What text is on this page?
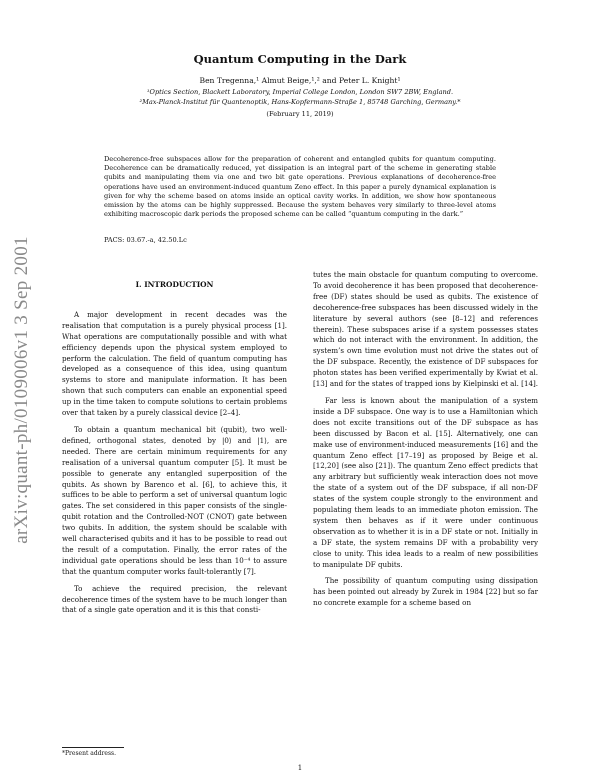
arXiv:quant-ph/0109006v1 3 Sep 2001
Quantum Computing in the Dark
Ben Tregenna,¹ Almut Beige,¹,² and Peter L. Knight¹
¹Optics Section, Blackett Laboratory, Imperial College London, London SW7 2BW, England.
²Max-Planck-Institut für Quantenoptik, Hans-Kopfermann-Straße 1, 85748 Garching, Germany.*
(February 11, 2019)

Decoherence-free subspaces allow for the preparation of coherent and entangled qubits for quantum computing. Decoherence can be dramatically reduced, yet dissipation is an integral part of the scheme in generating stable qubits and manipulating them via one and two bit gate operations. Previous explanations of decoherence-free operations have used an environment-induced quantum Zeno effect. In this paper a purely dynamical explanation is given for why the scheme based on atoms inside an optical cavity works. In addition, we show how spontaneous emission by the atoms can be highly suppressed. Because the system behaves very similarly to three-level atoms exhibiting macroscopic dark periods the proposed scheme can be called “quantum computing in the dark.”

PACS: 03.67.-a, 42.50.Lc
I. INTRODUCTION

A major development in recent decades was the realisation that computation is a purely physical process [1]. What operations are computationally possible and with what efficiency depends upon the physical system employed to perform the calculation. The field of quantum computing has developed as a consequence of this idea, using quantum systems to store and manipulate information. It has been shown that such computers can enable an exponential speed up in the time taken to compute solutions to certain problems over that taken by a purely classical device [2–4].

To obtain a quantum mechanical bit (qubit), two well-defined, orthogonal states, denoted by |0⟩ and |1⟩, are needed. There are certain minimum requirements for any realisation of a universal quantum computer [5]. It must be possible to generate any entangled superposition of the qubits. As shown by Barenco et al. [6], to achieve this, it suffices to be able to perform a set of universal quantum logic gates. The set considered in this paper consists of the single-qubit rotation and the Controlled-NOT (CNOT) gate between two qubits. In addition, the system should be scalable with well characterised qubits and it has to be possible to read out the result of a computation. Finally, the error rates of the individual gate operations should be less than 10⁻⁴ to assure that the quantum computer works fault-tolerantly [7].

To achieve the required precision, the relevant decoherence times of the system have to be much longer than that of a single gate operation and it is this that consti-

tutes the main obstacle for quantum computing to overcome. To avoid decoherence it has been proposed that decoherence-free (DF) states should be used as qubits. The existence of decoherence-free subspaces has been discussed widely in the literature by several authors (see [8–12] and references therein). These subspaces arise if a system possesses states which do not interact with the environment. In addition, the system’s own time evolution must not drive the states out of the DF subspace. Recently, the existence of DF subspaces for photon states has been verified experimentally by Kwiat et al. [13] and for the states of trapped ions by Kielpinski et al. [14].

Far less is known about the manipulation of a system inside a DF subspace. One way is to use a Hamiltonian which does not excite transitions out of the DF subspace as has been discussed by Bacon et al. [15]. Alternatively, one can make use of environment-induced measurements [16] and the quantum Zeno effect [17–19] as proposed by Beige et al. [12,20] (see also [21]). The quantum Zeno effect predicts that any arbitrary but sufficiently weak interaction does not move the state of a system out of the DF subspace, if all non-DF states of the system couple strongly to the environment and populating them leads to an immediate photon emission. The system then behaves as if it were under continuous observation as to whether it is in a DF state or not. Initially in a DF state, the system remains DF with a probability very close to unity. This idea leads to a realm of new possibilities to manipulate DF qubits.

The possibility of quantum computing using dissipation has been pointed out already by Zurek in 1984 [22] but so far no concrete example for a scheme based on

*Present address.
1
